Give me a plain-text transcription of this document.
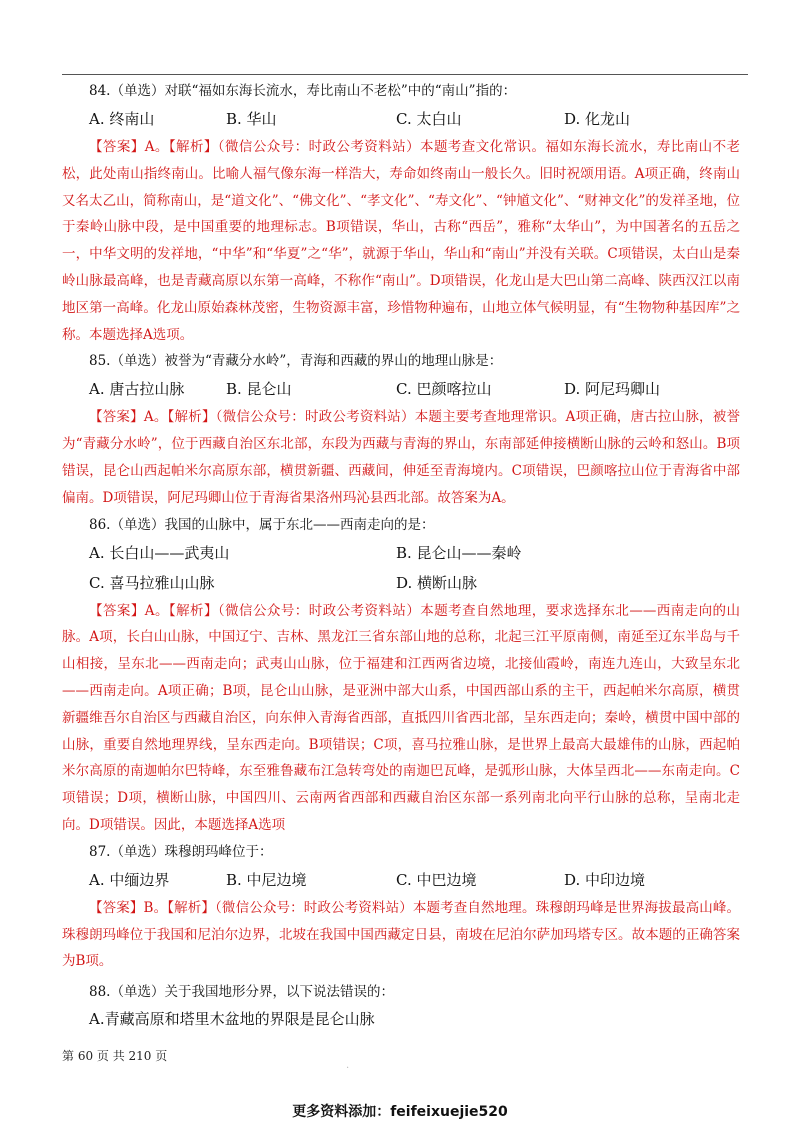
84.（单选）对联“福如东海长流水，寿比南山不老松”中的“南山”指的：

A. 终南山	B. 华山	C. 太白山	D. 化龙山

【答案】A。【解析】（微信公众号：时政公考资料站）本题考查文化常识。福如东海长流水，寿比南山不老松，此处南山指终南山。比喻人福气像东海一样浩大，寿命如终南山一般长久。旧时祝颂用语。A项正确，终南山又名太乙山，简称南山，是“道文化”、“佛文化”、“孝文化”、“寿文化”、“钟馗文化”、“财神文化”的发祥圣地，位于秦岭山脉中段，是中国重要的地理标志。B项错误，华山，古称“西岳”，雅称“太华山”，为中国著名的五岳之一，中华文明的发祥地，“中华”和“华夏”之“华”，就源于华山，华山和“南山”并没有关联。C项错误，太白山是秦岭山脉最高峰，也是青藏高原以东第一高峰，不称作“南山”。D项错误，化龙山是大巴山第二高峰、陕西汉江以南地区第一高峰。化龙山原始森林茂密，生物资源丰富，珍惜物种遍布，山地立体气候明显，有“生物物种基因库”之称。本题选择A选项。

85.（单选）被誉为“青藏分水岭”，青海和西藏的界山的地理山脉是：

A. 唐古拉山脉	B. 昆仑山	C. 巴颜喀拉山	D. 阿尼玛卿山

【答案】A。【解析】（微信公众号：时政公考资料站）本题主要考查地理常识。A项正确，唐古拉山脉，被誉为“青藏分水岭”，位于西藏自治区东北部，东段为西藏与青海的界山，东南部延伸接横断山脉的云岭和怒山。B项错误，昆仑山西起帕米尔高原东部，横贯新疆、西藏间，伸延至青海境内。C项错误，巴颜喀拉山位于青海省中部偏南。D项错误，阿尼玛卿山位于青海省果洛州玛沁县西北部。故答案为A。

86.（单选）我国的山脉中，属于东北——西南走向的是：

A. 长白山——武夷山	B. 昆仑山——秦岭
C. 喜马拉雅山山脉	D. 横断山脉

【答案】A。【解析】（微信公众号：时政公考资料站）本题考查自然地理，要求选择东北——西南走向的山脉。A项，长白山山脉，中国辽宁、吉林、黑龙江三省东部山地的总称，北起三江平原南侧，南延至辽东半岛与千山相接，呈东北——西南走向；武夷山山脉，位于福建和江西两省边境，北接仙霞岭，南连九连山，大致呈东北——西南走向。A项正确；B项，昆仑山山脉，是亚洲中部大山系，中国西部山系的主干，西起帕米尔高原，横贯新疆维吾尔自治区与西藏自治区，向东伸入青海省西部，直抵四川省西北部，呈东西走向；秦岭，横贯中国中部的山脉，重要自然地理界线，呈东西走向。B项错误；C项，喜马拉雅山脉，是世界上最高大最雄伟的山脉，西起帕米尔高原的南迦帕尔巴特峰，东至雅鲁藏布江急转弯处的南迦巴瓦峰，是弧形山脉，大体呈西北——东南走向。C项错误；D项，横断山脉，中国四川、云南两省西部和西藏自治区东部一系列南北向平行山脉的总称，呈南北走向。D项错误。因此，本题选择A选项

87.（单选）珠穆朗玛峰位于：

A. 中缅边界	B. 中尼边境	C. 中巴边境	D. 中印边境

【答案】B。【解析】（微信公众号：时政公考资料站）本题考查自然地理。珠穆朗玛峰是世界海拔最高山峰。珠穆朗玛峰位于我国和尼泊尔边界，北坡在我国中国西藏定日县，南坡在尼泊尔萨加玛塔专区。故本题的正确答案为B项。

88.（单选）关于我国地形分界，以下说法错误的：

A.青藏高原和塔里木盆地的界限是昆仑山脉

第 60 页 共 210 页
.
更多资料添加：feifeixuejie520
